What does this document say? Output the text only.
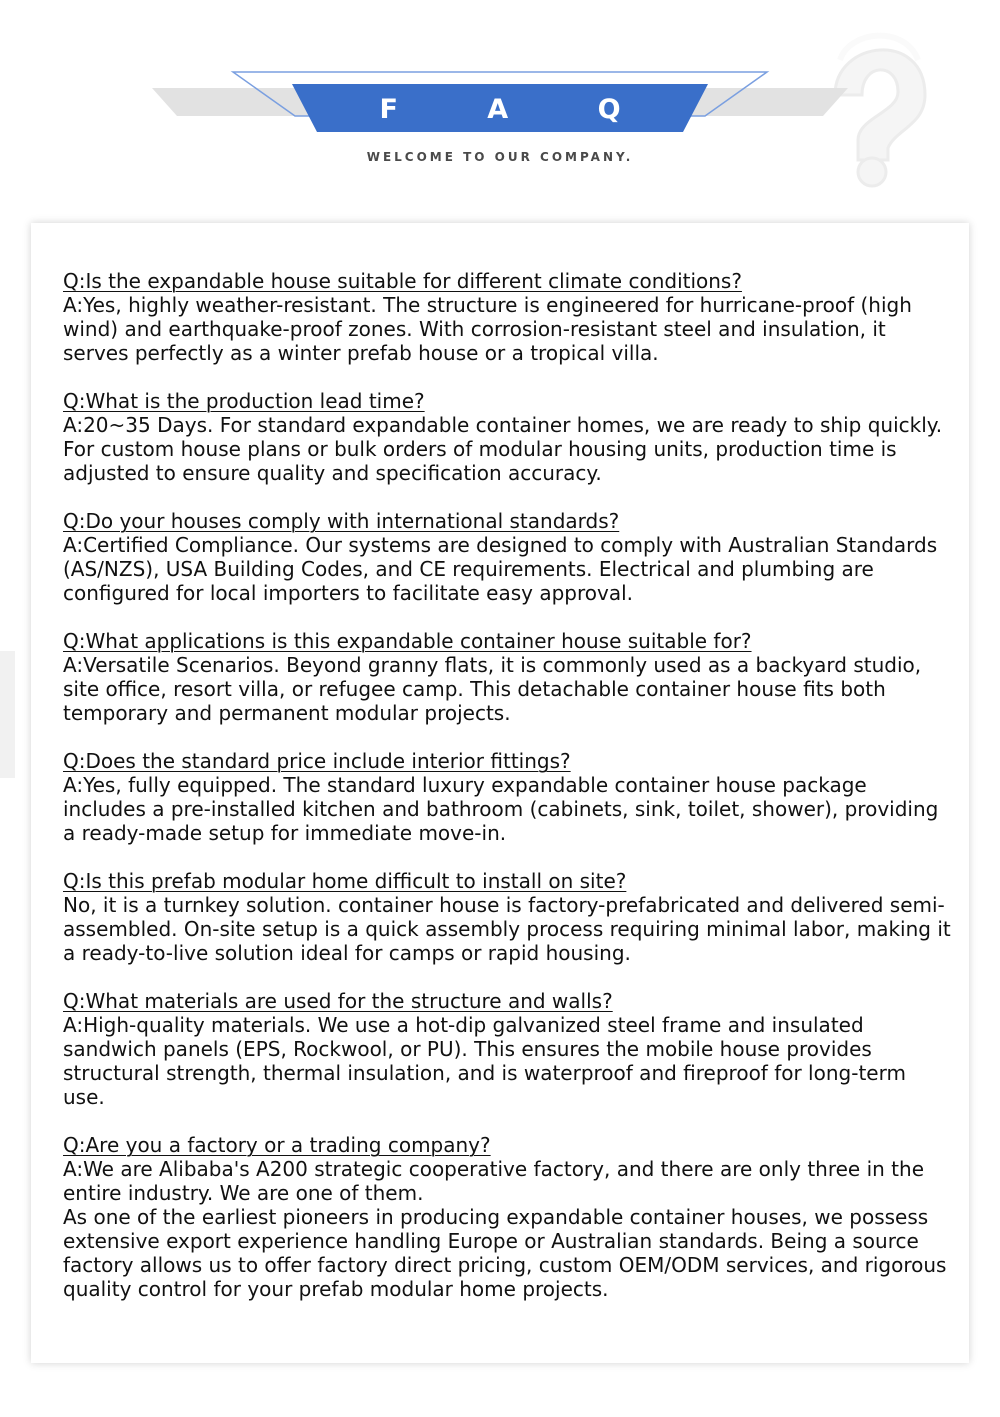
F A Q
WELCOME TO OUR COMPANY.
Q:Is the expandable house suitable for different climate conditions?
A:Yes, highly weather-resistant. The structure is engineered for hurricane-proof (high wind) and earthquake-proof zones. With corrosion-resistant steel and insulation, it serves perfectly as a winter prefab house or a tropical villa.
Q:What is the production lead time?
A:20~35 Days. For standard expandable container homes, we are ready to ship quickly. For custom house plans or bulk orders of modular housing units, production time is adjusted to ensure quality and specification accuracy.
Q:Do your houses comply with international standards?
A:Certified Compliance. Our systems are designed to comply with Australian Standards (AS/NZS), USA Building Codes, and CE requirements. Electrical and plumbing are configured for local importers to facilitate easy approval.
Q:What applications is this expandable container house suitable for?
A:Versatile Scenarios. Beyond granny flats, it is commonly used as a backyard studio, site office, resort villa, or refugee camp. This detachable container house fits both temporary and permanent modular projects.
Q:Does the standard price include interior fittings?
A:Yes, fully equipped. The standard luxury expandable container house package includes a pre-installed kitchen and bathroom (cabinets, sink, toilet, shower), providing a ready-made setup for immediate move-in.
Q:Is this prefab modular home difficult to install on site?
No, it is a turnkey solution. container house is factory-prefabricated and delivered semi-assembled. On-site setup is a quick assembly process requiring minimal labor, making it a ready-to-live solution ideal for camps or rapid housing.
Q:What materials are used for the structure and walls?
A:High-quality materials. We use a hot-dip galvanized steel frame and insulated sandwich panels (EPS, Rockwool, or PU). This ensures the mobile house provides structural strength, thermal insulation, and is waterproof and fireproof for long-term use.
Q:Are you a factory or a trading company?
A:We are Alibaba's A200 strategic cooperative factory, and there are only three in the entire industry. We are one of them.
As one of the earliest pioneers in producing expandable container houses, we possess extensive export experience handling Europe or Australian standards. Being a source factory allows us to offer factory direct pricing, custom OEM/ODM services, and rigorous quality control for your prefab modular home projects.
